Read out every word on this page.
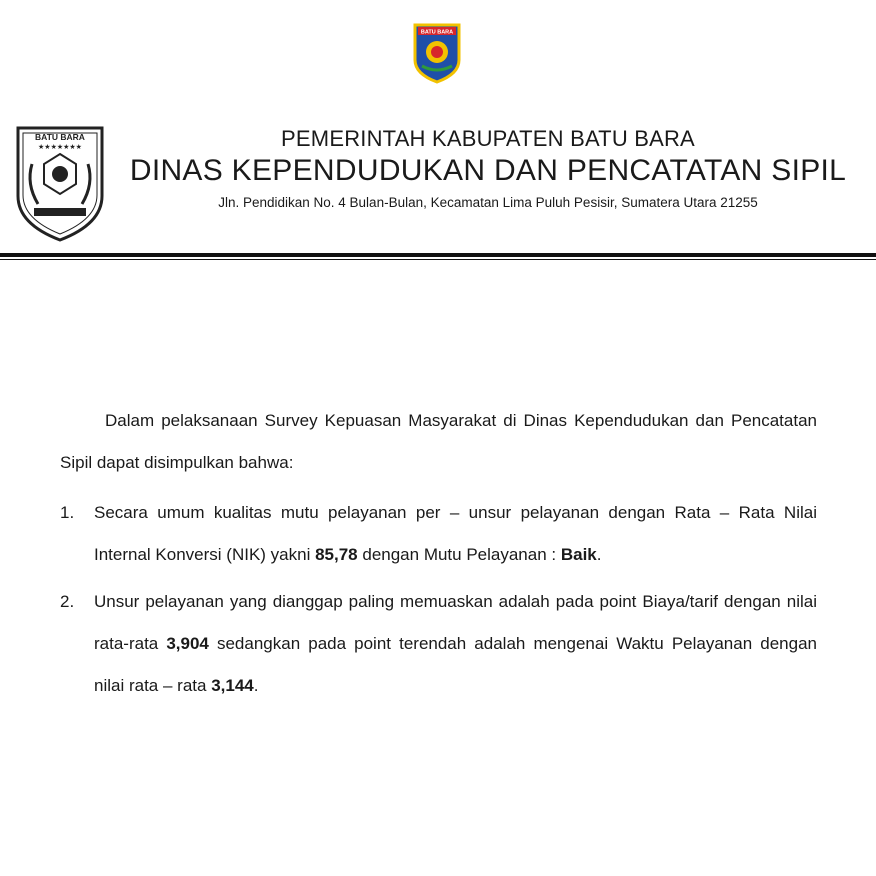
BATU BARA
BATU BARA
★★★★★★★	PEMERINTAH KABUPATEN BATU BARA
DINAS KEPENDUDUKAN DAN PENCATATAN SIPIL
Jln. Pendidikan No. 4 Bulan-Bulan, Kecamatan Lima Puluh Pesisir, Sumatera Utara 21255
Dalam pelaksanaan Survey Kepuasan Masyarakat di Dinas Kependudukan dan Pencatatan Sipil dapat disimpulkan bahwa:
1. Secara umum kualitas mutu pelayanan per – unsur pelayanan dengan Rata – Rata Nilai Internal Konversi (NIK) yakni 85,78 dengan Mutu Pelayanan : Baik.
2. Unsur pelayanan yang dianggap paling memuaskan adalah pada point Biaya/tarif dengan nilai rata-rata 3,904 sedangkan pada point terendah adalah mengenai Waktu Pelayanan dengan nilai rata – rata 3,144.
